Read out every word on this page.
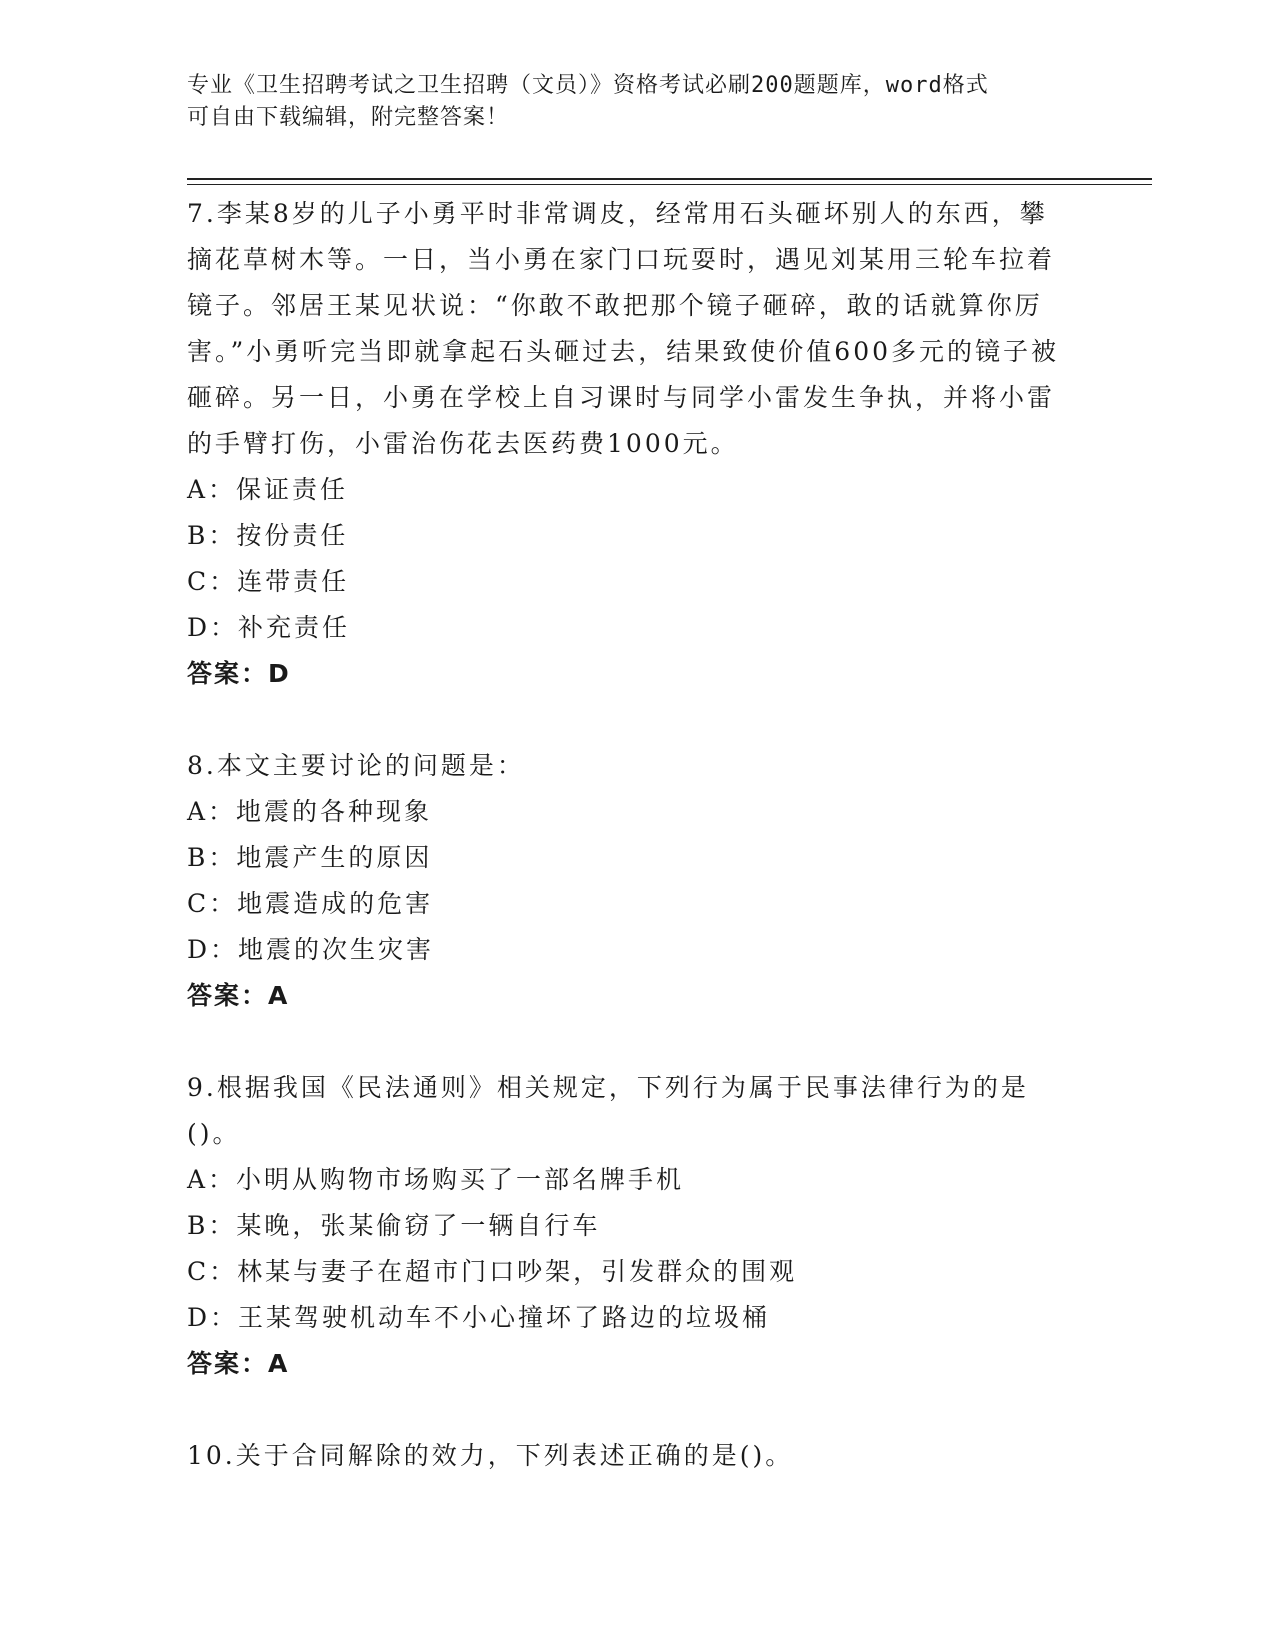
专业《卫生招聘考试之卫生招聘（文员）》资格考试必刷200题题库，word格式
可自由下载编辑，附完整答案！

7.李某8岁的儿子小勇平时非常调皮，经常用石头砸坏别人的东西，攀摘花草树木等。一日，当小勇在家门口玩耍时，遇见刘某用三轮车拉着镜子。邻居王某见状说：“你敢不敢把那个镜子砸碎，敢的话就算你厉害。”小勇听完当即就拿起石头砸过去，结果致使价值600多元的镜子被砸碎。另一日，小勇在学校上自习课时与同学小雷发生争执，并将小雷的手臂打伤，小雷治伤花去医药费1000元。

A：保证责任

B：按份责任

C：连带责任

D：补充责任

答案：D

8.本文主要讨论的问题是：

A：地震的各种现象

B：地震产生的原因

C：地震造成的危害

D：地震的次生灾害

答案：A

9.根据我国《民法通则》相关规定，下列行为属于民事法律行为的是()。

A：小明从购物市场购买了一部名牌手机

B：某晚，张某偷窃了一辆自行车

C：林某与妻子在超市门口吵架，引发群众的围观

D：王某驾驶机动车不小心撞坏了路边的垃圾桶

答案：A

10.关于合同解除的效力，下列表述正确的是()。
